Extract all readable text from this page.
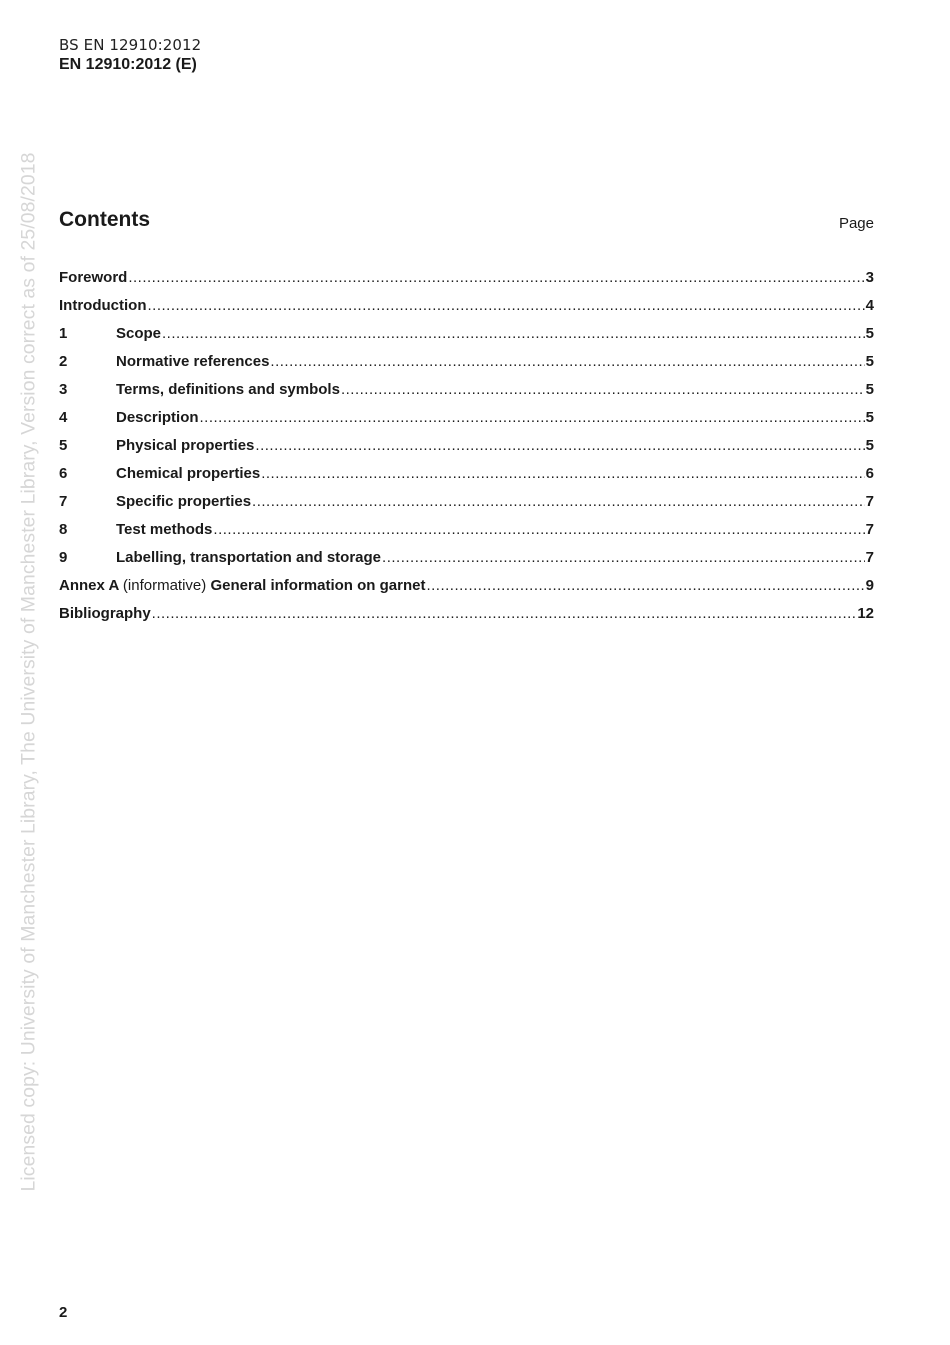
BS EN 12910:2012
EN 12910:2012 (E)
Licensed copy: University of Manchester Library, The University of Manchester Library, Version correct as of 25/08/2018 Contents	Page
Foreword .....	3
Introduction .....	4
1	Scope .....	5
2	Normative references .....	5
3	Terms, definitions and symbols .....	5
4	Description .....	5
5	Physical properties .....	5
6	Chemical properties .....	6
7	Specific properties .....	7
8	Test methods .....	7
9	Labelling, transportation and storage .....	7
Annex A (informative) General information on garnet .....	9
Bibliography .....	12
2
